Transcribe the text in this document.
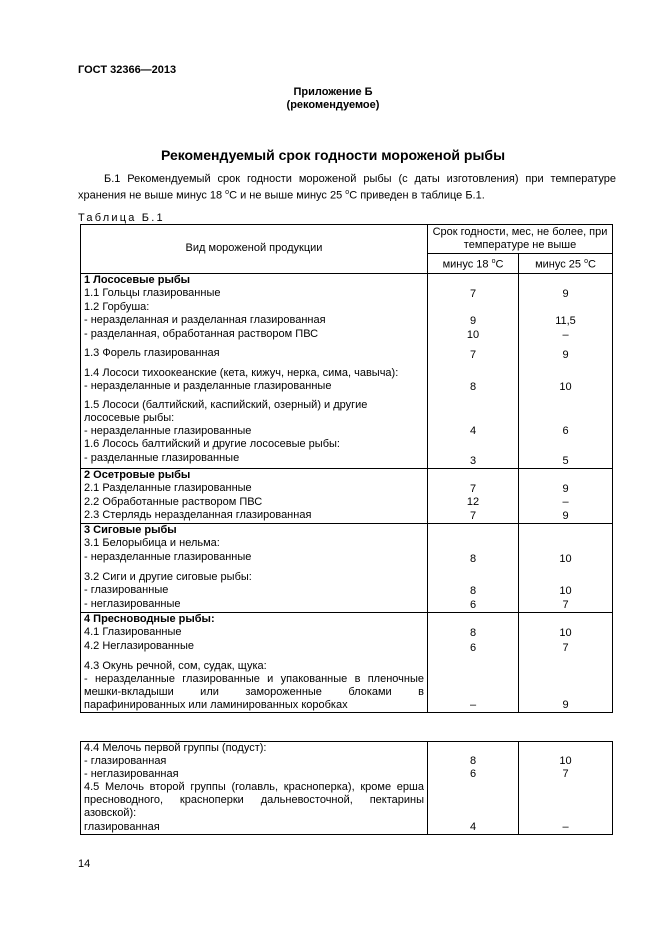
ГОСТ 32366—2013
Приложение Б
(рекомендуемое)
Рекомендуемый срок годности мороженой рыбы
Б.1 Рекомендуемый срок годности мороженой рыбы (с даты изготовления) при температуре хранения не выше минус 18 $^о$С и не выше минус 25 $^о$С приведен в таблице Б.1.
Таблица Б.1
Вид мороженой продукции	Срок годности, мес, не более, при температуре не выше	
	минус 18 $^о$С	минус 25 $^о$С
1 Лососевые рыбы		
1.1 Гольцы глазированные	7	9
1.2 Горбуша:		
- неразделанная и разделанная глазированная	9	11,5
- разделанная, обработанная раствором ПВС	10	–
1.3 Форель глазированная	7	9
1.4 Лососи тихоокеанские (кета, кижуч, нерка, сима, чавыча):		
- неразделанные и разделанные глазированные	8	10
1.5 Лососи (балтийский, каспийский, озерный) и другие лососевые рыбы:		
- неразделанные глазированные	4	6
1.6 Лосось балтийский и другие лососевые рыбы:		
- разделанные глазированные	3	5
2 Осетровые рыбы		
2.1 Разделанные глазированные	7	9
2.2 Обработанные раствором ПВС	12	–
2.3 Стерлядь неразделанная глазированная	7	9
3 Сиговые рыбы		
3.1 Белорыбица и нельма:		
- неразделанные глазированные	8	10
3.2 Сиги и другие сиговые рыбы:		
- глазированные	8	10
- неглазированные	6	7
4 Пресноводные рыбы:		
4.1 Глазированные	8	10
4.2 Неглазированные	6	7
4.3 Окунь речной, сом, судак, щука:		
- неразделанные глазированные и упакованные в пленочные мешки-вкладыши или замороженные блоками в парафинированных или ламинированных коробках	–	9
4.4 Мелочь первой группы (подуст):		
- глазированная	8	10
- неглазированная	6	7
4.5 Мелочь второй группы (голавль, красноперка), кроме ерша пресноводного, красноперки дальневосточной, пектарины азовской):		
глазированная	4	–
14
